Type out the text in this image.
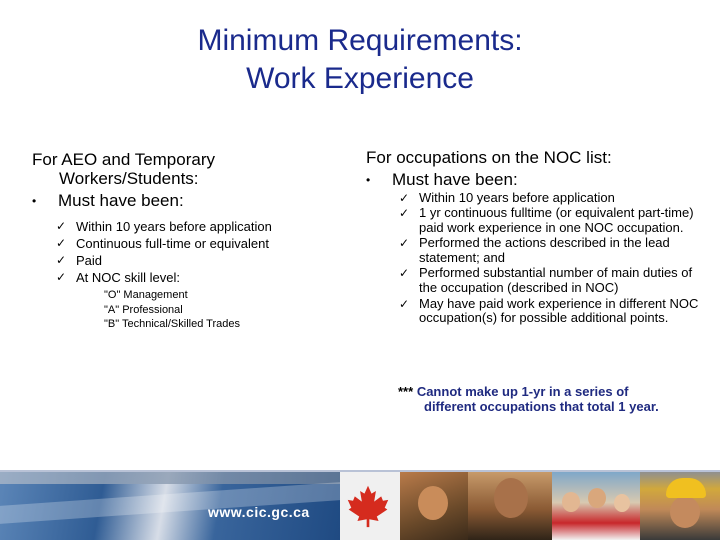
Minimum Requirements:
Work Experience
For AEO and Temporary
Workers/Students:
•	Must have been:
✓ Within 10 years before application
✓ Continuous full-time or equivalent
✓ Paid
✓ At NOC skill level:
"O" Management
"A" Professional
"B" Technical/Skilled Trades
For occupations on the NOC list:
•	Must have been:
✓ Within 10 years before application
✓ 1 yr continuous fulltime (or equivalent part-time) paid work experience in one NOC occupation.
✓ Performed the actions described in the lead statement; and
✓ Performed substantial number of main duties of the occupation (described in NOC)
✓ May have paid work experience in different NOC occupation(s) for possible additional points.
*** Cannot make up 1-yr in a series of
different occupations that total 1 year.
www.cic.gc.ca
